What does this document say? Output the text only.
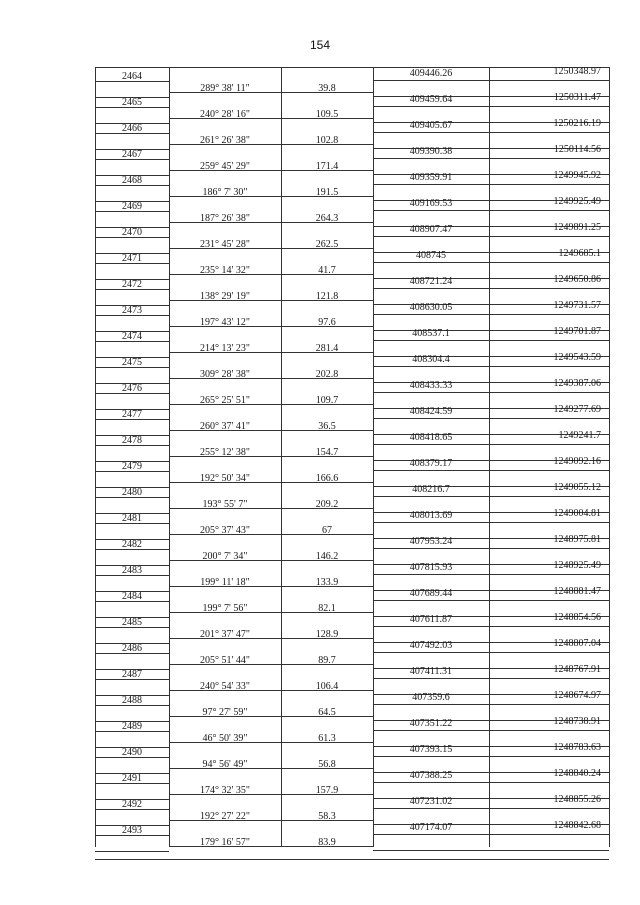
154
2464	409446.26	1250348.97
289° 38' 11"	39.8
2465	409459.64	1250311.47
240° 28' 16"	109.5
2466	409405.67	1250216.19
261° 26' 38"	102.8
2467	409390.38	1250114.56
259° 45' 29"	171.4
2468	409359.91	1249945.92
186° 7' 30"	191.5
2469	409169.53	1249925.49
187° 26' 38"	264.3
2470	408907.47	1249891.25
231° 45' 28"	262.5
2471	408745	1249685.1
235° 14' 32"	41.7
2472	408721.24	1249650.86
138° 29' 19"	121.8
2473	408630.05	1249731.57
197° 43' 12"	97.6
2474	408537.1	1249701.87
214° 13' 23"	281.4
2475	408304.4	1249543.59
309° 28' 38"	202.8
2476	408433.33	1249387.06
265° 25' 51"	109.7
2477	408424.59	1249277.69
260° 37' 41"	36.5
2478	408418.65	1249241.7
255° 12' 38"	154.7
2479	408379.17	1249092.16
192° 50' 34"	166.6
2480	408216.7	1249055.12
193° 55' 7"	209.2
2481	408013.69	1249004.81
205° 37' 43"	67
2482	407953.24	1248975.81
200° 7' 34"	146.2
2483	407815.93	1248925.49
199° 11' 18"	133.9
2484	407689.44	1248881.47
199° 7' 56"	82.1
2485	407611.87	1248854.56
201° 37' 47"	128.9
2486	407492.03	1248807.04
205° 51' 44"	89.7
2487	407411.31	1248767.91
240° 54' 33"	106.4
2488	407359.6	1248674.97
97° 27' 59"	64.5
2489	407351.22	1248738.91
46° 50' 39"	61.3
2490	407393.15	1248783.63
94° 56' 49"	56.8
2491	407388.25	1248840.24
174° 32' 35"	157.9
2492	407231.02	1248855.26
192° 27' 22"	58.3
2493	407174.07	1248842.68
179° 16' 57"	83.9
